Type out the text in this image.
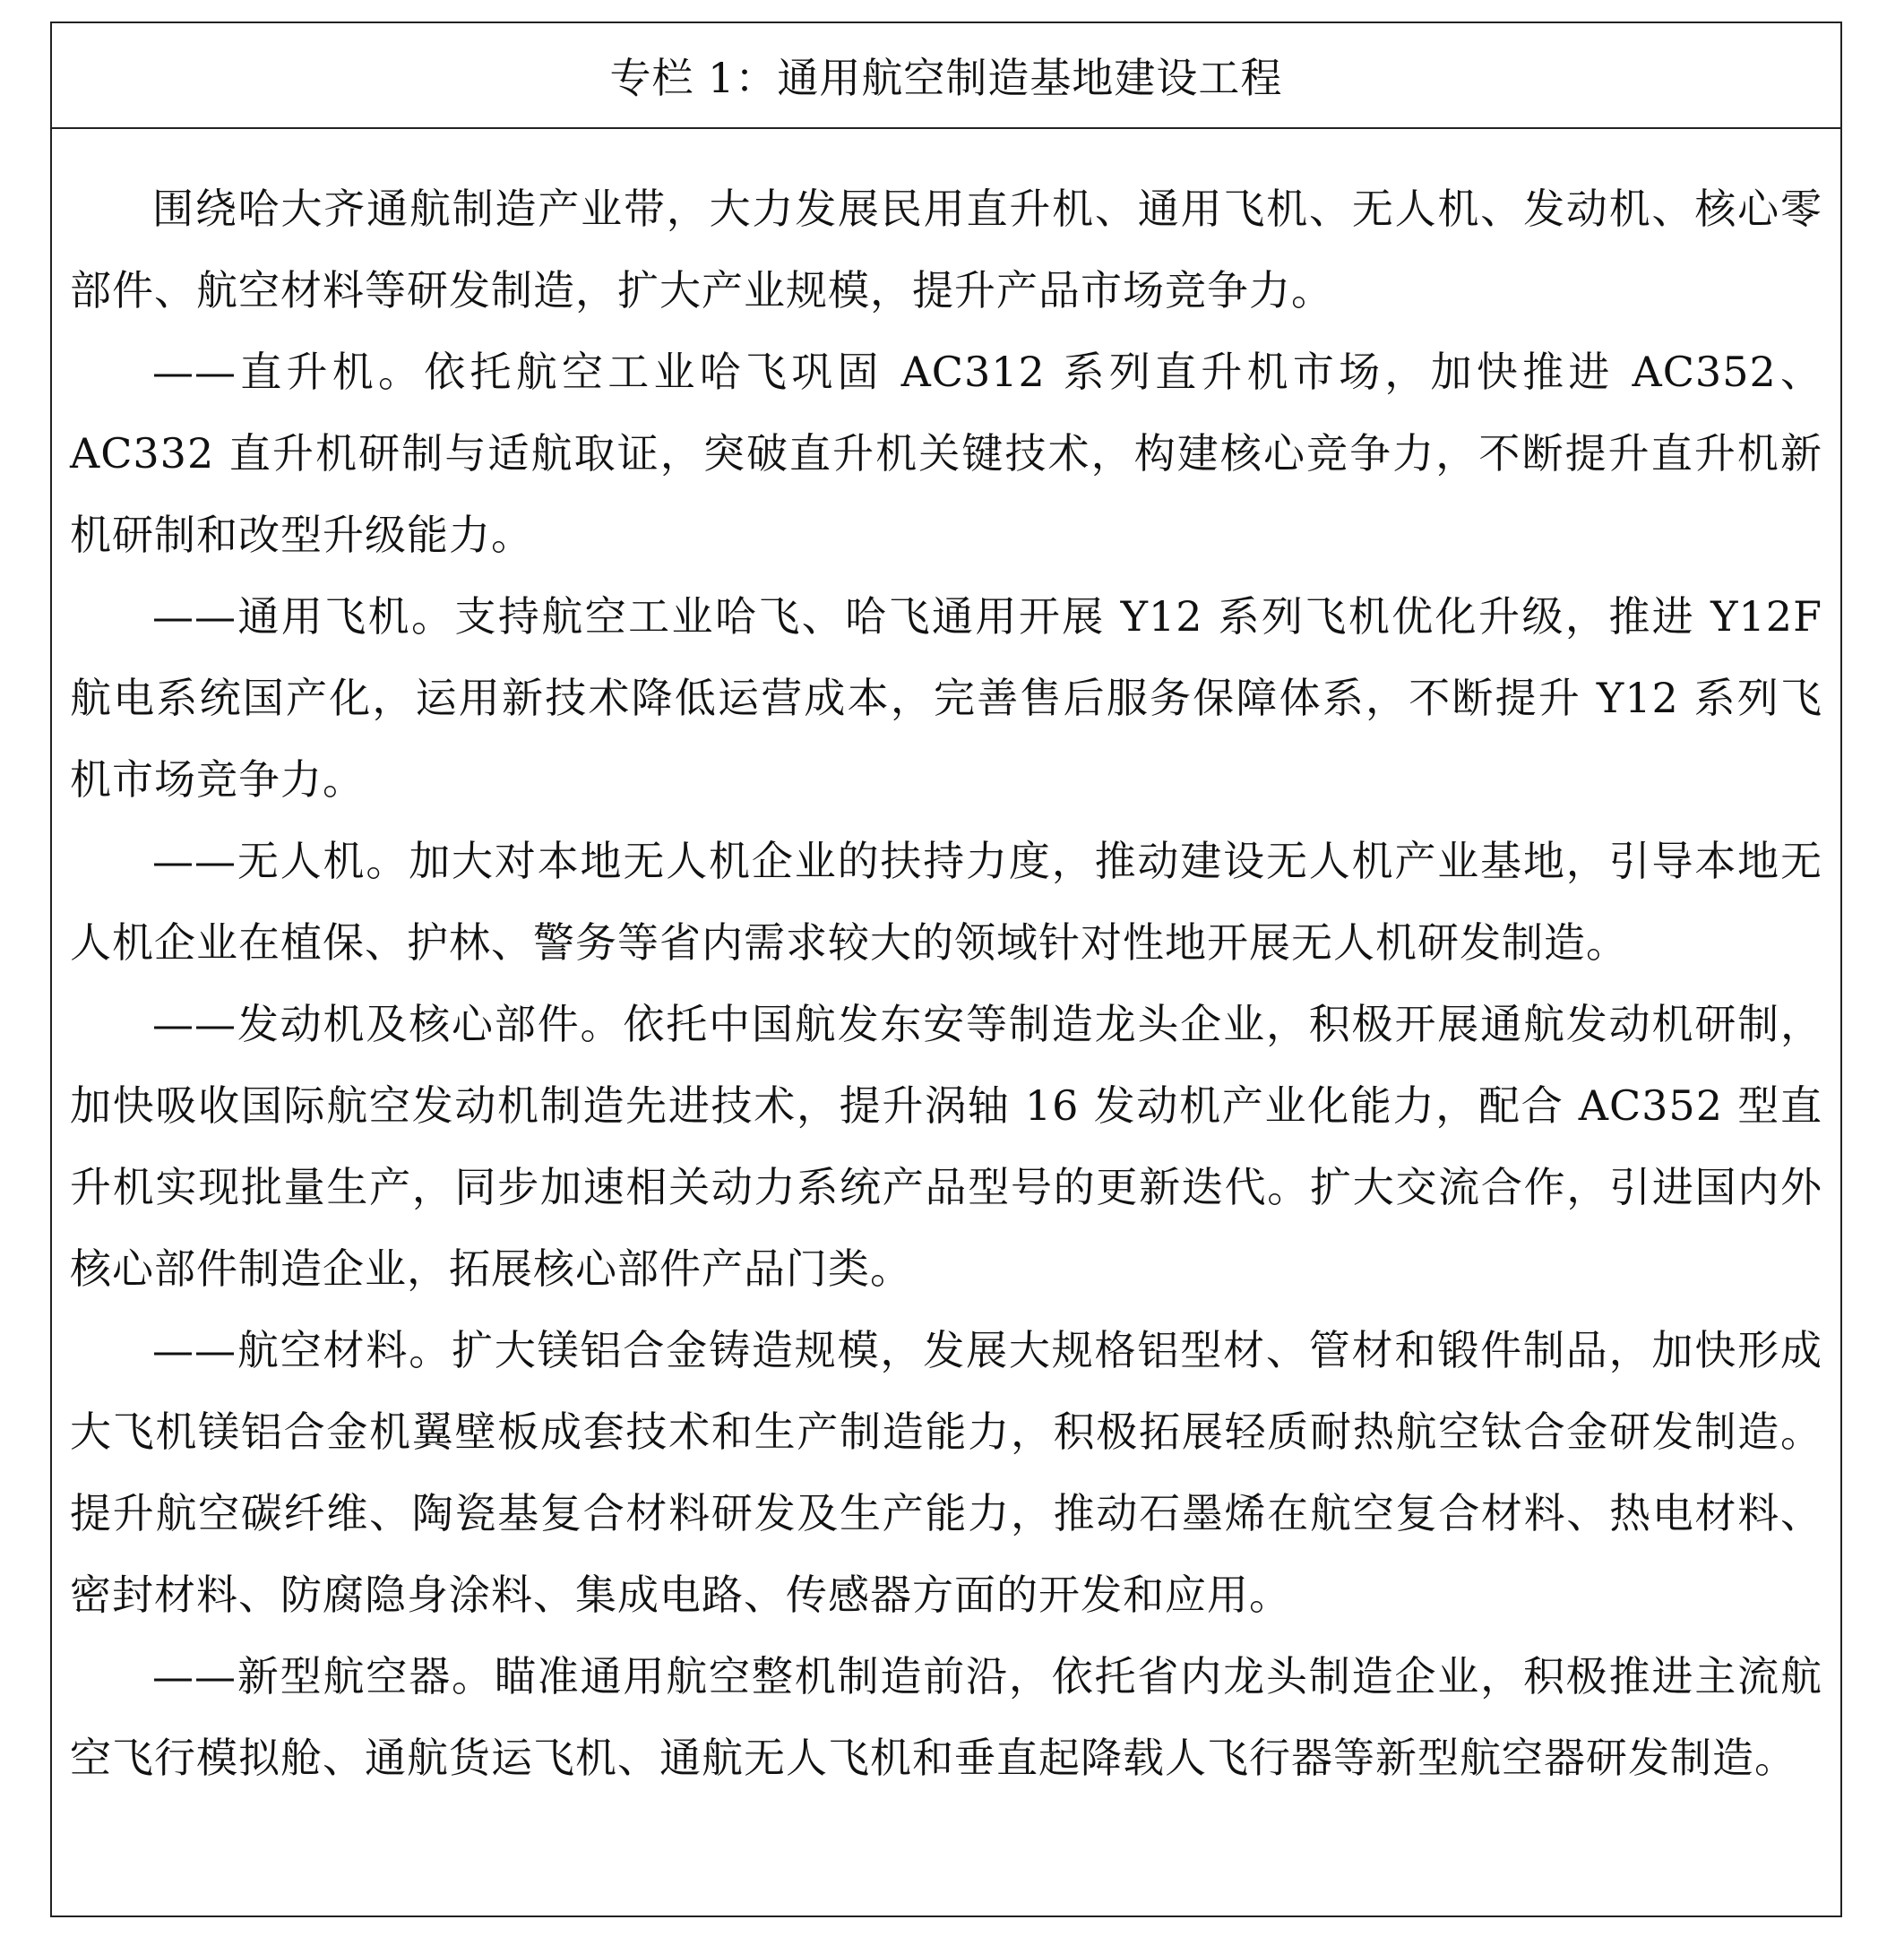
专栏 1：通用航空制造基地建设工程

围绕哈大齐通航制造产业带，大力发展民用直升机、通用飞机、无人机、发动机、核心零部件、航空材料等研发制造，扩大产业规模，提升产品市场竞争力。

——直升机。依托航空工业哈飞巩固 AC312 系列直升机市场，加快推进 AC352、AC332 直升机研制与适航取证，突破直升机关键技术，构建核心竞争力，不断提升直升机新机研制和改型升级能力。

——通用飞机。支持航空工业哈飞、哈飞通用开展 Y12 系列飞机优化升级，推进 Y12F 航电系统国产化，运用新技术降低运营成本，完善售后服务保障体系，不断提升 Y12 系列飞机市场竞争力。

——无人机。加大对本地无人机企业的扶持力度，推动建设无人机产业基地，引导本地无人机企业在植保、护林、警务等省内需求较大的领域针对性地开展无人机研发制造。

——发动机及核心部件。依托中国航发东安等制造龙头企业，积极开展通航发动机研制，加快吸收国际航空发动机制造先进技术，提升涡轴 16 发动机产业化能力，配合 AC352 型直升机实现批量生产，同步加速相关动力系统产品型号的更新迭代。扩大交流合作，引进国内外核心部件制造企业，拓展核心部件产品门类。

——航空材料。扩大镁铝合金铸造规模，发展大规格铝型材、管材和锻件制品，加快形成大飞机镁铝合金机翼壁板成套技术和生产制造能力，积极拓展轻质耐热航空钛合金研发制造。提升航空碳纤维、陶瓷基复合材料研发及生产能力，推动石墨烯在航空复合材料、热电材料、密封材料、防腐隐身涂料、集成电路、传感器方面的开发和应用。

——新型航空器。瞄准通用航空整机制造前沿，依托省内龙头制造企业，积极推进主流航空飞行模拟舱、通航货运飞机、通航无人飞机和垂直起降载人飞行器等新型航空器研发制造。
